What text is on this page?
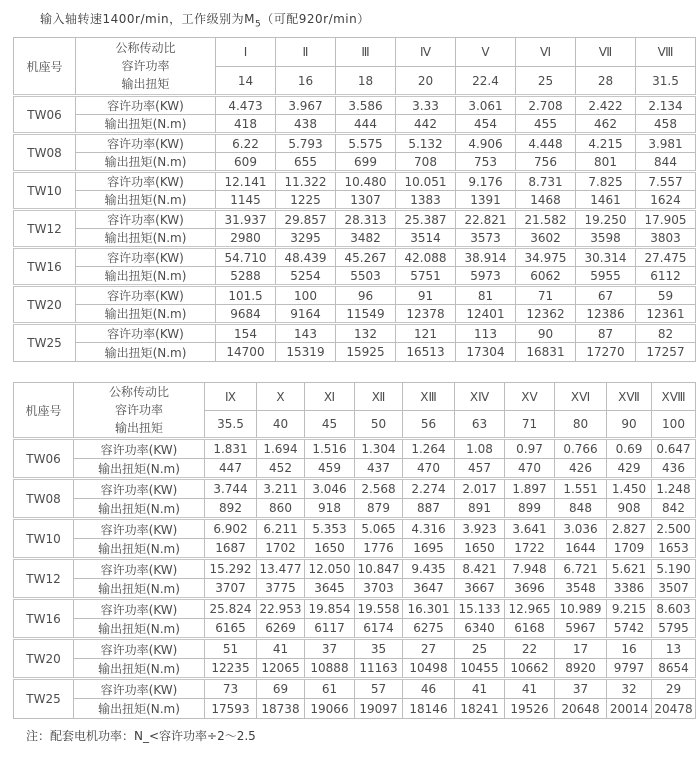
输入轴转速1400r/min，工作级别为$M_5$（可配920r/min）
机座号	公称传动比
容许功率
输出扭矩	Ⅰ	Ⅱ	Ⅲ	Ⅳ	Ⅴ	Ⅵ	Ⅶ	Ⅷ
		14	16	18	20	22.4	25	28	31.5
TW06	容许功率(KW)	4.473	3.967	3.586	3.33	3.061	2.708	2.422	2.134
	输出扭矩(N.m)	418	438	444	442	454	455	462	458
TW08	容许功率(KW)	6.22	5.793	5.575	5.132	4.906	4.448	4.215	3.981
	输出扭矩(N.m)	609	655	699	708	753	756	801	844
TW10	容许功率(KW)	12.141	11.322	10.480	10.051	9.176	8.731	7.825	7.557
	输出扭矩(N.m)	1145	1225	1307	1383	1391	1468	1461	1624
TW12	容许功率(KW)	31.937	29.857	28.313	25.387	22.821	21.582	19.250	17.905
	输出扭矩(N.m)	2980	3295	3482	3514	3573	3602	3598	3803
TW16	容许功率(KW)	54.710	48.439	45.267	42.088	38.914	34.975	30.314	27.475
	输出扭矩(N.m)	5288	5254	5503	5751	5973	6062	5955	6112
TW20	容许功率(KW)	101.5	100	96	91	81	71	67	59
	输出扭矩(N.m)	9684	9164	11549	12378	12401	12362	12386	12361
TW25	容许功率(KW)	154	143	132	121	113	90	87	82
	输出扭矩(N.m)	14700	15319	15925	16513	17304	16831	17270	17257
机座号	公称传动比
容许功率
输出扭矩	Ⅸ	Ⅹ	Ⅺ	Ⅻ	ⅩⅢ	ⅩⅣ	ⅩⅤ	ⅩⅥ	ⅩⅦ	ⅩⅧ
		35.5	40	45	50	56	63	71	80	90	100
TW06	容许功率(KW)	1.831	1.694	1.516	1.304	1.264	1.08	0.97	0.766	0.69	0.647
	输出扭矩(N.m)	447	452	459	437	470	457	470	426	429	436
TW08	容许功率(KW)	3.744	3.211	3.046	2.568	2.274	2.017	1.897	1.551	1.450	1.248
	输出扭矩(N.m)	892	860	918	879	887	891	899	848	908	842
TW10	容许功率(KW)	6.902	6.211	5.353	5.065	4.316	3.923	3.641	3.036	2.827	2.500
	输出扭矩(N.m)	1687	1702	1650	1776	1695	1650	1722	1644	1709	1653
TW12	容许功率(KW)	15.292	13.477	12.050	10.847	9.435	8.421	7.948	6.721	5.621	5.190
	输出扭矩(N.m)	3707	3775	3645	3703	3647	3667	3696	3548	3386	3507
TW16	容许功率(KW)	25.824	22.953	19.854	19.558	16.301	15.133	12.965	10.989	9.215	8.603
	输出扭矩(N.m)	6165	6269	6117	6174	6275	6340	6168	5967	5742	5795
TW20	容许功率(KW)	51	41	37	35	27	25	22	17	16	13
	输出扭矩(N.m)	12235	12065	10888	11163	10498	10455	10662	8920	9797	8654
TW25	容许功率(KW)	73	69	61	57	46	41	41	37	32	29
	输出扭矩(N.m)	17593	18738	19066	19097	18146	18241	19526	20648	20014	20478
注：配套电机功率：N_<容许功率÷2～2.5
